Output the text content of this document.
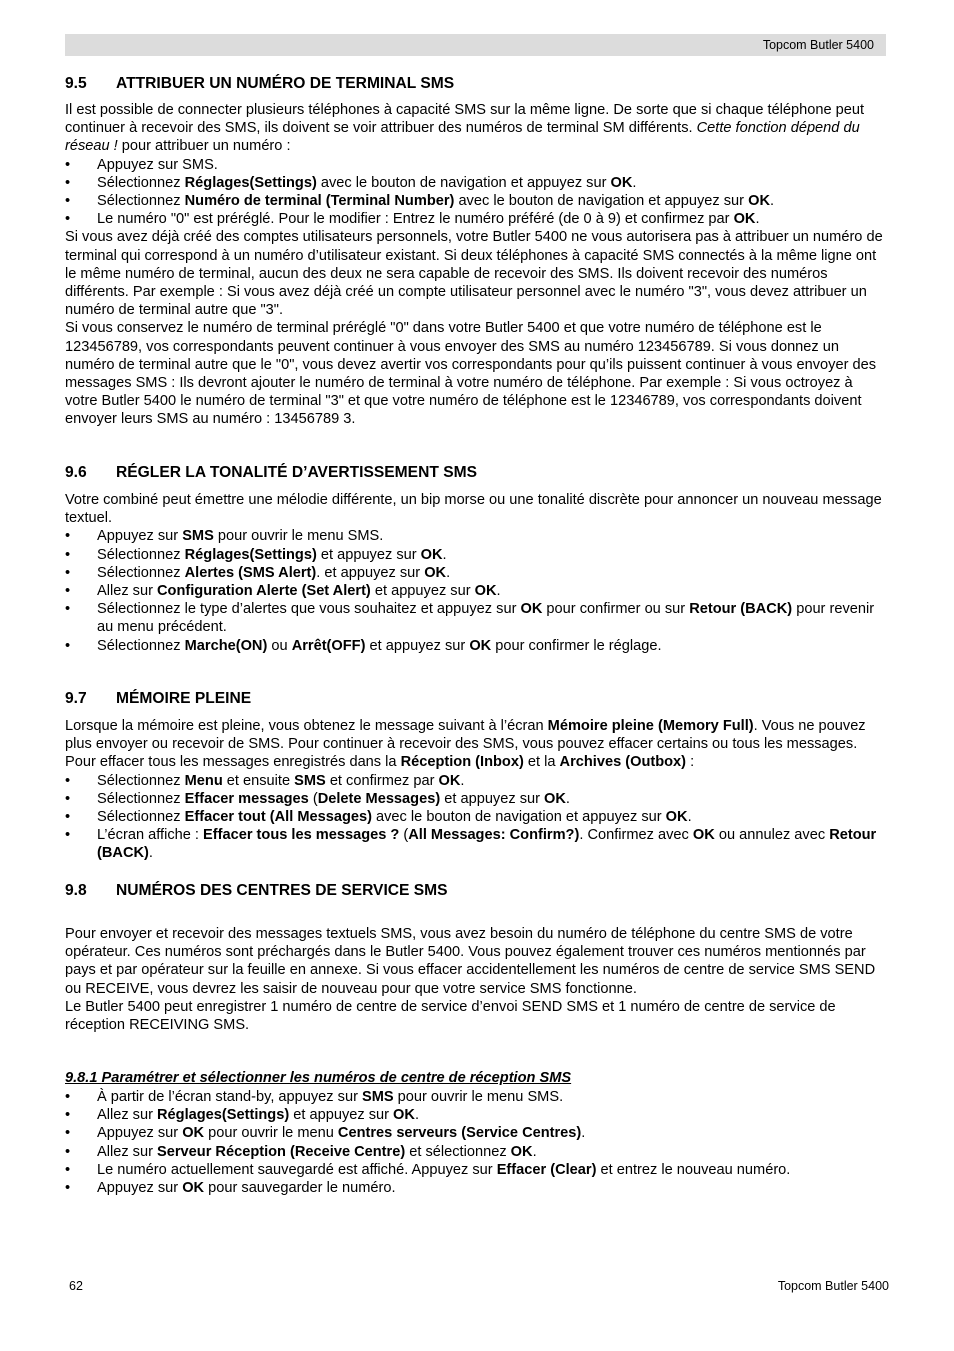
Topcom Butler 5400
9.5 ATTRIBUER UN NUMÉRO DE TERMINAL SMS

Il est possible de connecter plusieurs téléphones à capacité SMS sur la même ligne. De sorte que si chaque téléphone peut continuer à recevoir des SMS, ils doivent se voir attribuer des numéros de terminal SM différents. Cette fonction dépend du réseau ! pour attribuer un numéro :

• Appuyez sur SMS.
• Sélectionnez Réglages(Settings) avec le bouton de navigation et appuyez sur OK.
• Sélectionnez Numéro de terminal (Terminal Number) avec le bouton de navigation et appuyez sur OK.
• Le numéro "0" est préréglé. Pour le modifier : Entrez le numéro préféré (de 0 à 9) et confirmez par OK.

Si vous avez déjà créé des comptes utilisateurs personnels, votre Butler 5400 ne vous autorisera pas à attribuer un numéro de terminal qui correspond à un numéro d’utilisateur existant. Si deux téléphones à capacité SMS connectés à la même ligne ont le même numéro de terminal, aucun des deux ne sera capable de recevoir des SMS. Ils doivent recevoir des numéros différents. Par exemple : Si vous avez déjà créé un compte utilisateur personnel avec le numéro "3", vous devez attribuer un numéro de terminal autre que "3".

Si vous conservez le numéro de terminal préréglé "0" dans votre Butler 5400 et que votre numéro de téléphone est le 123456789, vos correspondants peuvent continuer à vous envoyer des SMS au numéro 123456789. Si vous donnez un numéro de terminal autre que le "0", vous devez avertir vos correspondants pour qu’ils puissent continuer à vous envoyer des messages SMS : Ils devront ajouter le numéro de terminal à votre numéro de téléphone. Par exemple : Si vous octroyez à votre Butler 5400 le numéro de terminal "3" et que votre numéro de téléphone est le 12346789, vos correspondants doivent envoyer leurs SMS au numéro : 13456789 3.

9.6 RÉGLER LA TONALITÉ D’AVERTISSEMENT SMS

Votre combiné peut émettre une mélodie différente, un bip morse ou une tonalité discrète pour annoncer un nouveau message textuel.

• Appuyez sur SMS pour ouvrir le menu SMS.
• Sélectionnez Réglages(Settings) et appuyez sur OK.
• Sélectionnez Alertes (SMS Alert). et appuyez sur OK.
• Allez sur Configuration Alerte (Set Alert) et appuyez sur OK.
• Sélectionnez le type d’alertes que vous souhaitez et appuyez sur OK pour confirmer ou sur Retour (BACK) pour revenir au menu précédent.
• Sélectionnez Marche(ON) ou Arrêt(OFF) et appuyez sur OK pour confirmer le réglage.
9.7 MÉMOIRE PLEINE

Lorsque la mémoire est pleine, vous obtenez le message suivant à l’écran Mémoire pleine (Memory Full). Vous ne pouvez plus envoyer ou recevoir de SMS. Pour continuer à recevoir des SMS, vous pouvez effacer certains ou tous les messages. Pour effacer tous les messages enregistrés dans la Réception (Inbox) et la Archives (Outbox) :

• Sélectionnez Menu et ensuite SMS et confirmez par OK.
• Sélectionnez Effacer messages (Delete Messages) et appuyez sur OK.
• Sélectionnez Effacer tout (All Messages) avec le bouton de navigation et appuyez sur OK.
• L’écran affiche : Effacer tous les messages ? (All Messages: Confirm?). Confirmez avec OK ou annulez avec Retour (BACK).
9.8 NUMÉROS DES CENTRES DE SERVICE SMS

Pour envoyer et recevoir des messages textuels SMS, vous avez besoin du numéro de téléphone du centre SMS de votre opérateur. Ces numéros sont préchargés dans le Butler 5400. Vous pouvez également trouver ces numéros mentionnés par pays et par opérateur sur la feuille en annexe. Si vous effacer accidentellement les numéros de centre de service SMS SEND ou RECEIVE, vous devrez les saisir de nouveau pour que votre service SMS fonctionne.

Le Butler 5400 peut enregistrer 1 numéro de centre de service d’envoi SEND SMS et 1 numéro de centre de service de réception RECEIVING SMS.

9.8.1 Paramétrer et sélectionner les numéros de centre de réception SMS
• À partir de l’écran stand-by, appuyez sur SMS pour ouvrir le menu SMS.
• Allez sur Réglages(Settings) et appuyez sur OK.
• Appuyez sur OK pour ouvrir le menu Centres serveurs (Service Centres).
• Allez sur Serveur Réception (Receive Centre) et sélectionnez OK.
• Le numéro actuellement sauvegardé est affiché. Appuyez sur Effacer (Clear) et entrez le nouveau numéro.
• Appuyez sur OK pour sauvegarder le numéro.
62	Topcom Butler 5400
